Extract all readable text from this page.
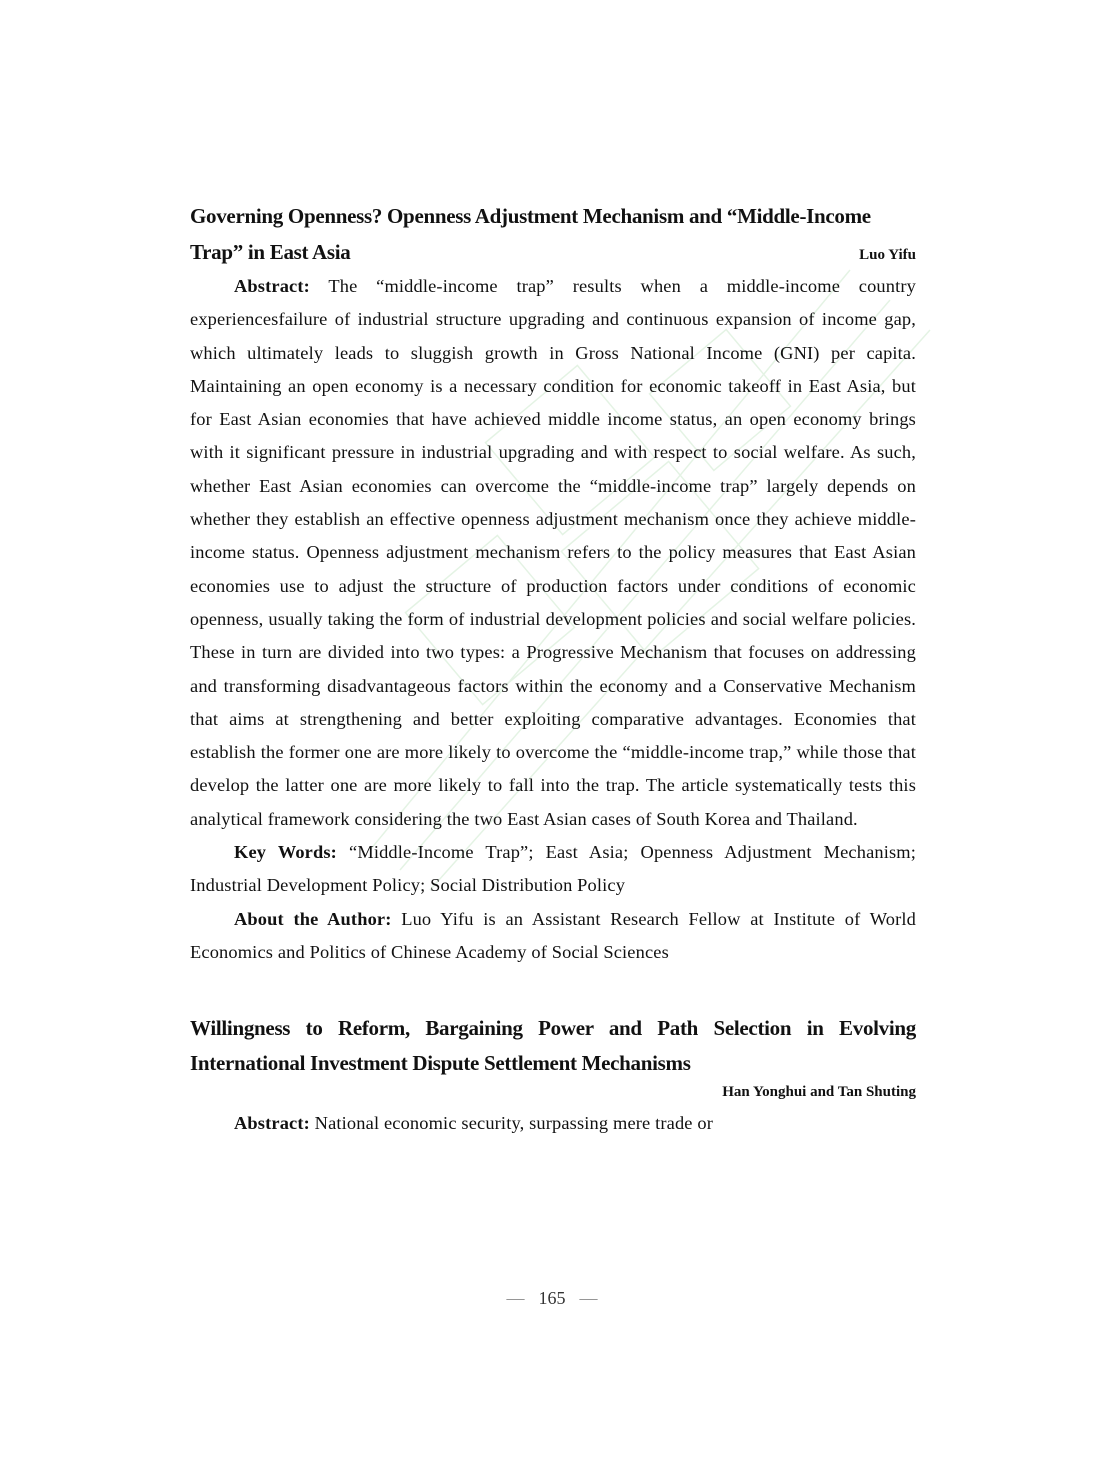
Governing Openness? Openness Adjustment Mechanism and “Middle-Income

Trap” in East Asia	Luo Yifu

Abstract: The “middle-income trap” results when a middle-income country experiencesfailure of industrial structure upgrading and continuous expansion of income gap, which ultimately leads to sluggish growth in Gross National Income (GNI) per capita. Maintaining an open economy is a necessary condition for economic takeoff in East Asia, but for East Asian economies that have achieved middle income status, an open economy brings with it significant pressure in industrial upgrading and with respect to social welfare. As such, whether East Asian economies can overcome the “middle-income trap” largely depends on whether they establish an effective openness adjustment mechanism once they achieve middle-income status. Openness adjustment mechanism refers to the policy measures that East Asian economies use to adjust the structure of production factors under conditions of economic openness, usually taking the form of industrial development policies and social welfare policies. These in turn are divided into two types: a Progressive Mechanism that focuses on addressing and transforming disadvantageous factors within the economy and a Conservative Mechanism that aims at strengthening and better exploiting comparative advantages. Economies that establish the former one are more likely to overcome the “middle-income trap,” while those that develop the latter one are more likely to fall into the trap. The article systematically tests this analytical framework considering the two East Asian cases of South Korea and Thailand.

Key Words: “Middle-Income Trap”; East Asia; Openness Adjustment Mechanism; Industrial Development Policy; Social Distribution Policy

About the Author: Luo Yifu is an Assistant Research Fellow at Institute of World Economics and Politics of Chinese Academy of Social Sciences

Willingness to Reform, Bargaining Power and Path Selection in Evolving International Investment Dispute Settlement Mechanisms

Han Yonghui and Tan Shuting

Abstract: National economic security, surpassing mere trade or

— 165 —
